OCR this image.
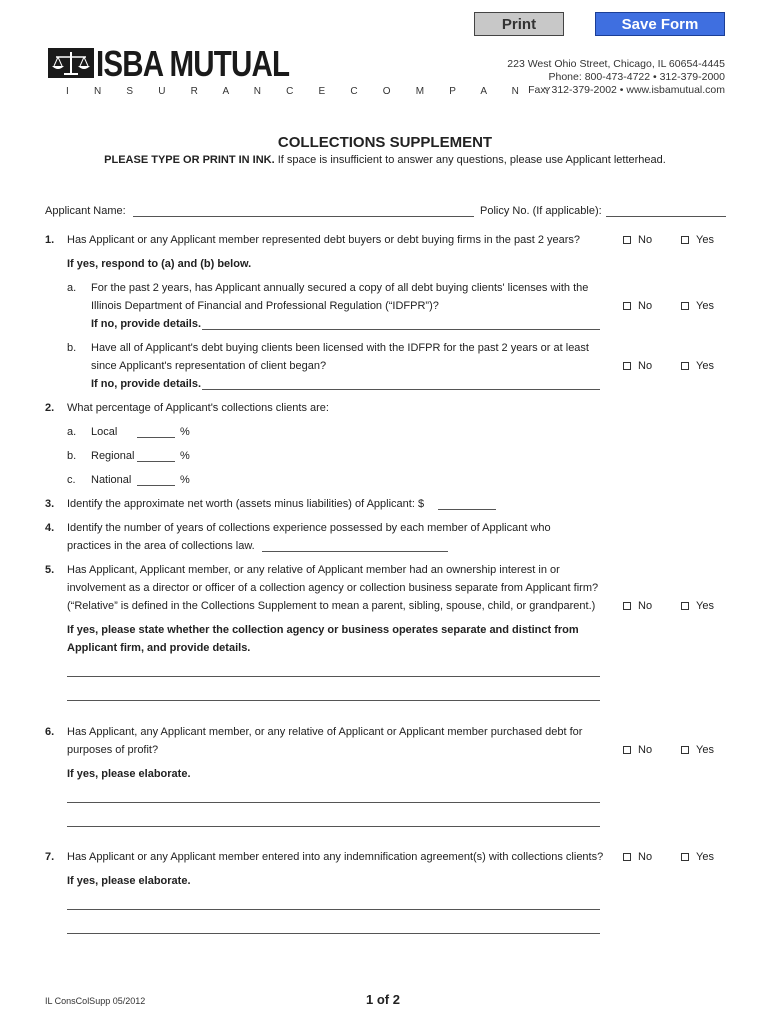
Print	Save Form
ISBA MUTUAL
I N S U R A N C E C O M P A N Y
223 West Ohio Street, Chicago, IL 60654-4445
Phone: 800-473-4722 • 312-379-2000
Fax: 312-379-2002 • www.isbamutual.com
COLLECTIONS SUPPLEMENT
PLEASE TYPE OR PRINT IN INK. If space is insufficient to answer any questions, please use Applicant letterhead.
Applicant Name:	Policy No. (If applicable):
1. Has Applicant or any Applicant member represented debt buyers or debt buying firms in the past 2 years?	No	Yes
If yes, respond to (a) and (b) below.
a. For the past 2 years, has Applicant annually secured a copy of all debt buying clients' licenses with the
Illinois Department of Financial and Professional Regulation (“IDFPR”)?	No	Yes
If no, provide details.
b. Have all of Applicant's debt buying clients been licensed with the IDFPR for the past 2 years or at least
since Applicant's representation of client began?	No	Yes
If no, provide details.
2. What percentage of Applicant's collections clients are:
a. Local	%
b. Regional	%
c. National	%
3. Identify the approximate net worth (assets minus liabilities) of Applicant: $
4. Identify the number of years of collections experience possessed by each member of Applicant who
practices in the area of collections law.
5. Has Applicant, Applicant member, or any relative of Applicant member had an ownership interest in or
involvement as a director or officer of a collection agency or collection business separate from Applicant firm?
(“Relative” is defined in the Collections Supplement to mean a parent, sibling, spouse, child, or grandparent.)	No	Yes
If yes, please state whether the collection agency or business operates separate and distinct from
Applicant firm, and provide details.
6. Has Applicant, any Applicant member, or any relative of Applicant or Applicant member purchased debt for
purposes of profit?	No	Yes
If yes, please elaborate.
7. Has Applicant or any Applicant member entered into any indemnification agreement(s) with collections clients?	No	Yes
If yes, please elaborate.
IL ConsColSupp 05/2012	1 of 2
